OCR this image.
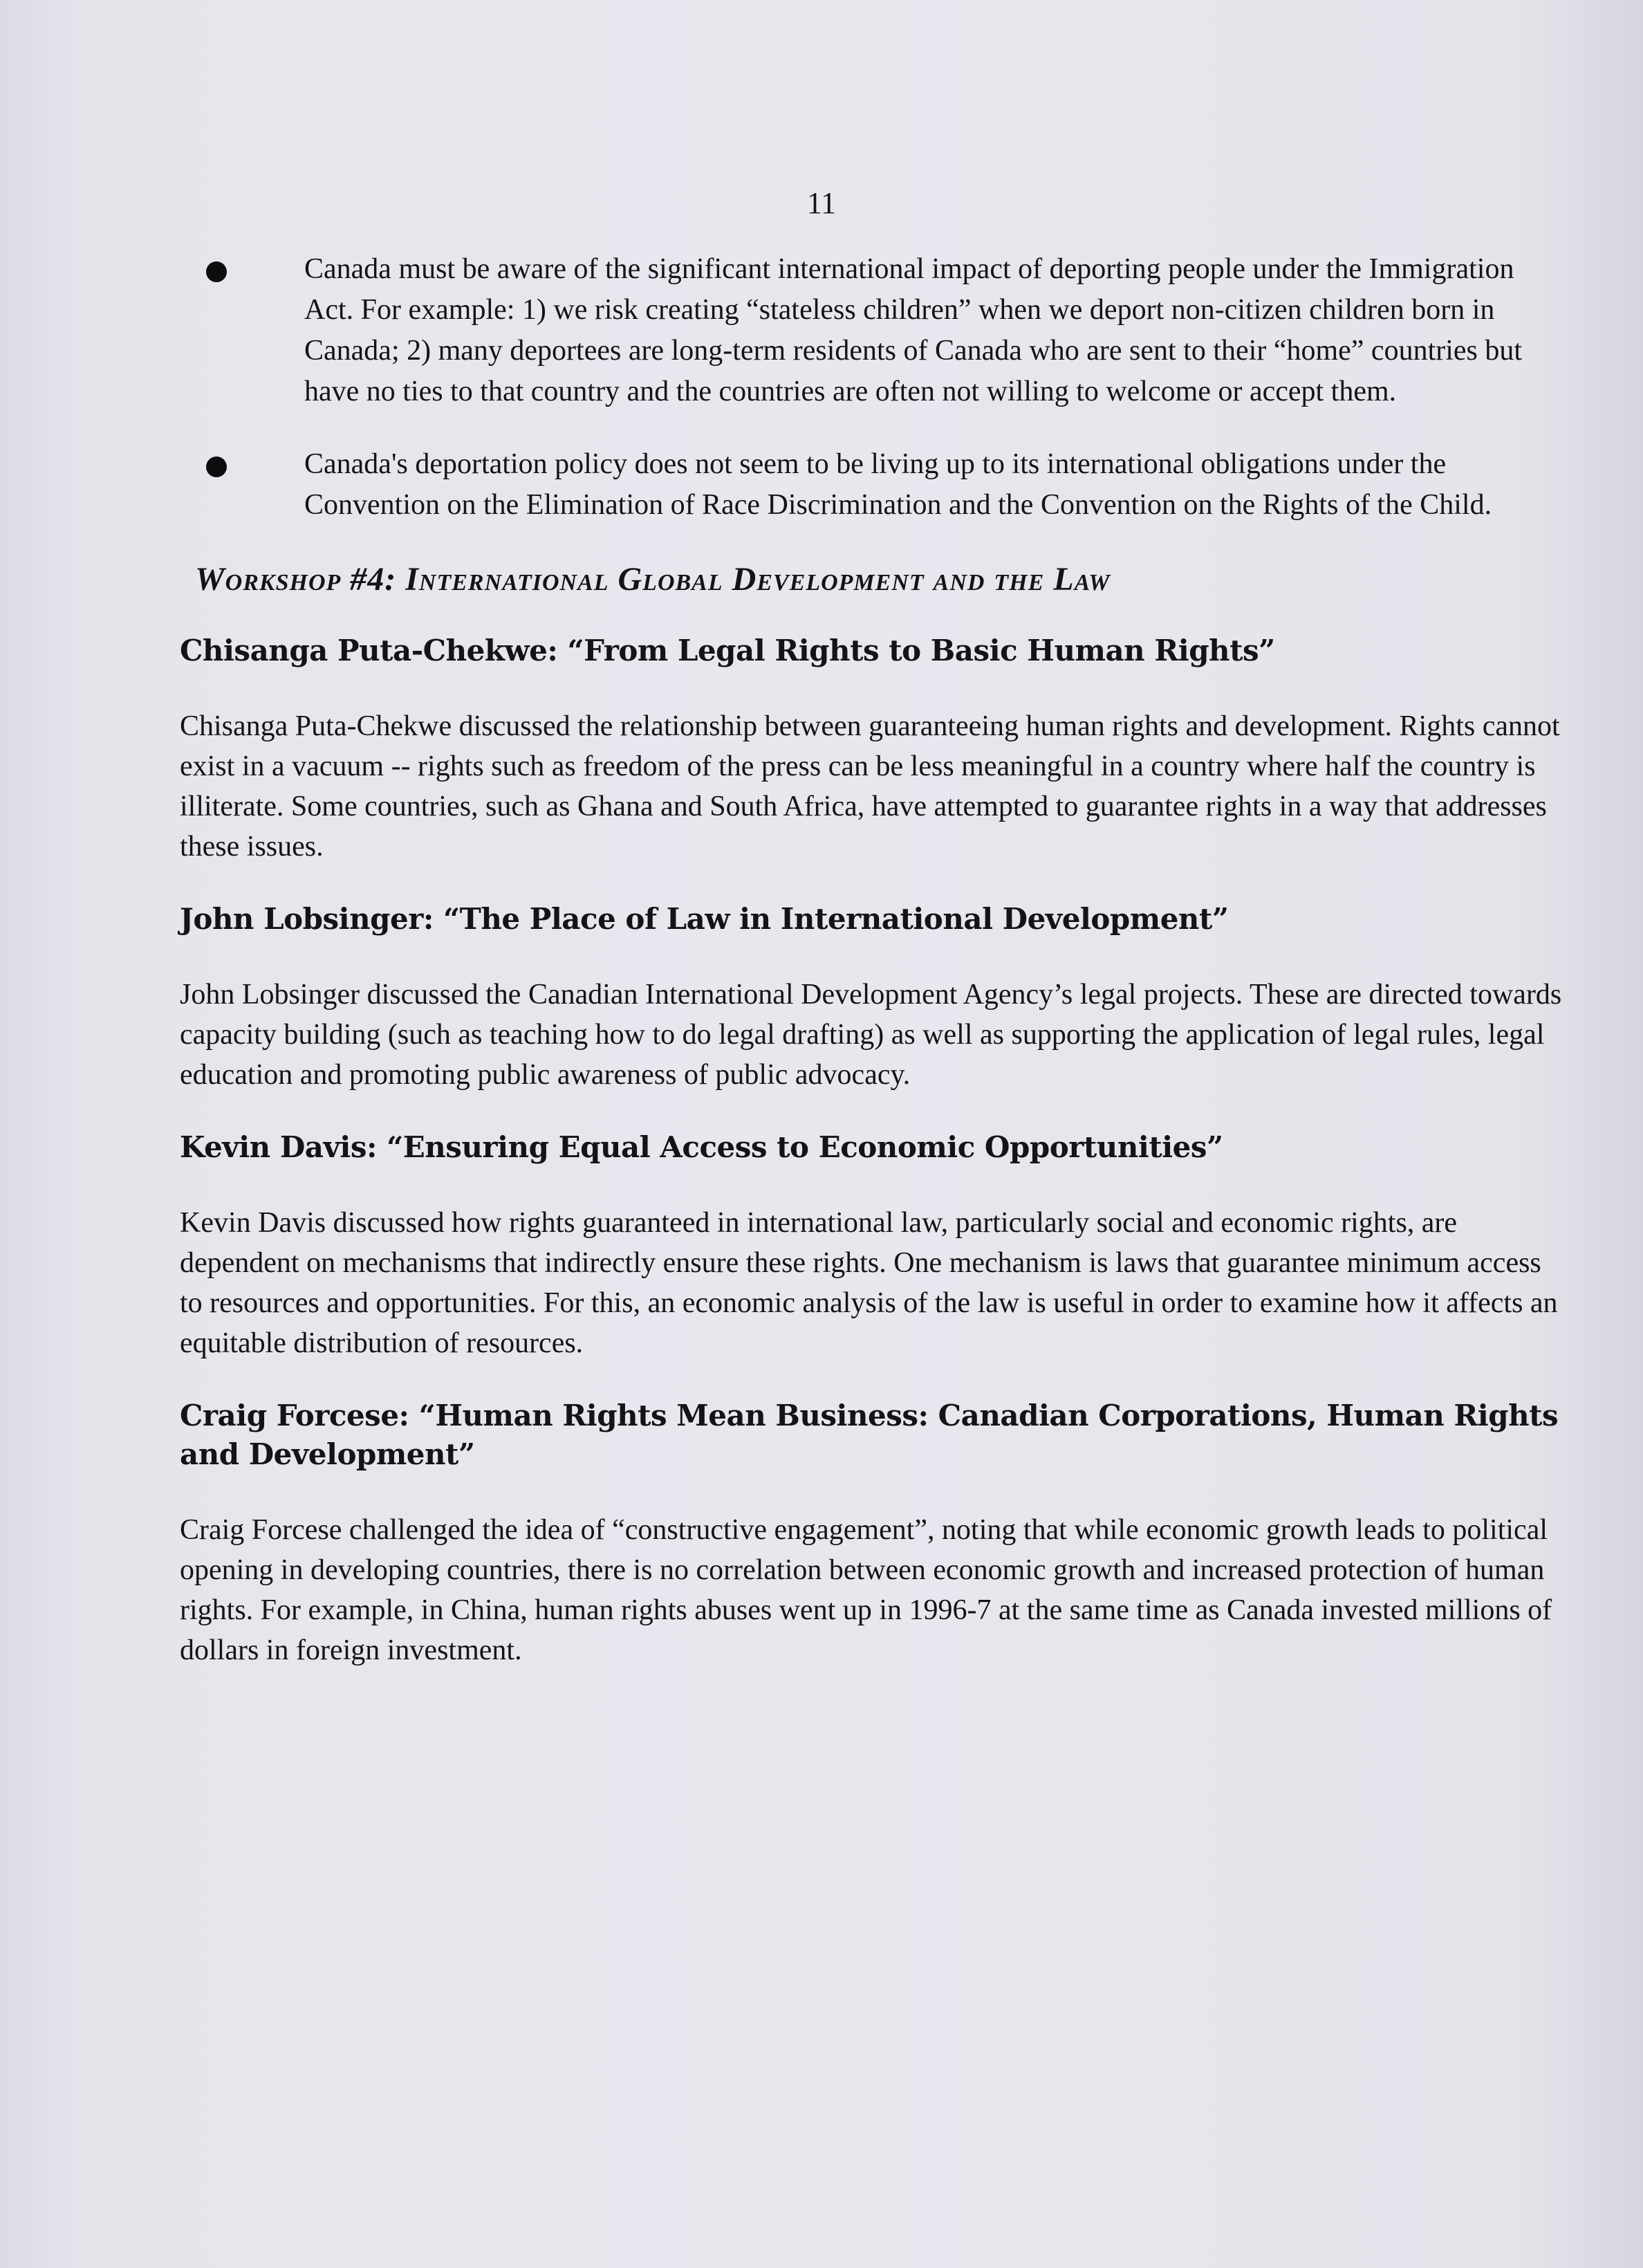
11
Canada must be aware of the significant international impact of deporting people under the Immigration Act. For example: 1) we risk creating “stateless children” when we deport non-citizen children born in Canada; 2) many deportees are long-term residents of Canada who are sent to their “home” countries but have no ties to that country and the countries are often not willing to welcome or accept them.
Canada's deportation policy does not seem to be living up to its international obligations under the Convention on the Elimination of Race Discrimination and the Convention on the Rights of the Child.
Workshop #4: International Global Development and the Law
Chisanga Puta-Chekwe: “From Legal Rights to Basic Human Rights”

Chisanga Puta-Chekwe discussed the relationship between guaranteeing human rights and development. Rights cannot exist in a vacuum -- rights such as freedom of the press can be less meaningful in a country where half the country is illiterate. Some countries, such as Ghana and South Africa, have attempted to guarantee rights in a way that addresses these issues.

John Lobsinger: “The Place of Law in International Development”

John Lobsinger discussed the Canadian International Development Agency’s legal projects. These are directed towards capacity building (such as teaching how to do legal drafting) as well as supporting the application of legal rules, legal education and promoting public awareness of public advocacy.

Kevin Davis: “Ensuring Equal Access to Economic Opportunities”

Kevin Davis discussed how rights guaranteed in international law, particularly social and economic rights, are dependent on mechanisms that indirectly ensure these rights. One mechanism is laws that guarantee minimum access to resources and opportunities. For this, an economic analysis of the law is useful in order to examine how it affects an equitable distribution of resources.

Craig Forcese: “Human Rights Mean Business: Canadian Corporations, Human Rights and Development”

Craig Forcese challenged the idea of “constructive engagement”, noting that while economic growth leads to political opening in developing countries, there is no correlation between economic growth and increased protection of human rights. For example, in China, human rights abuses went up in 1996-7 at the same time as Canada invested millions of dollars in foreign investment.
